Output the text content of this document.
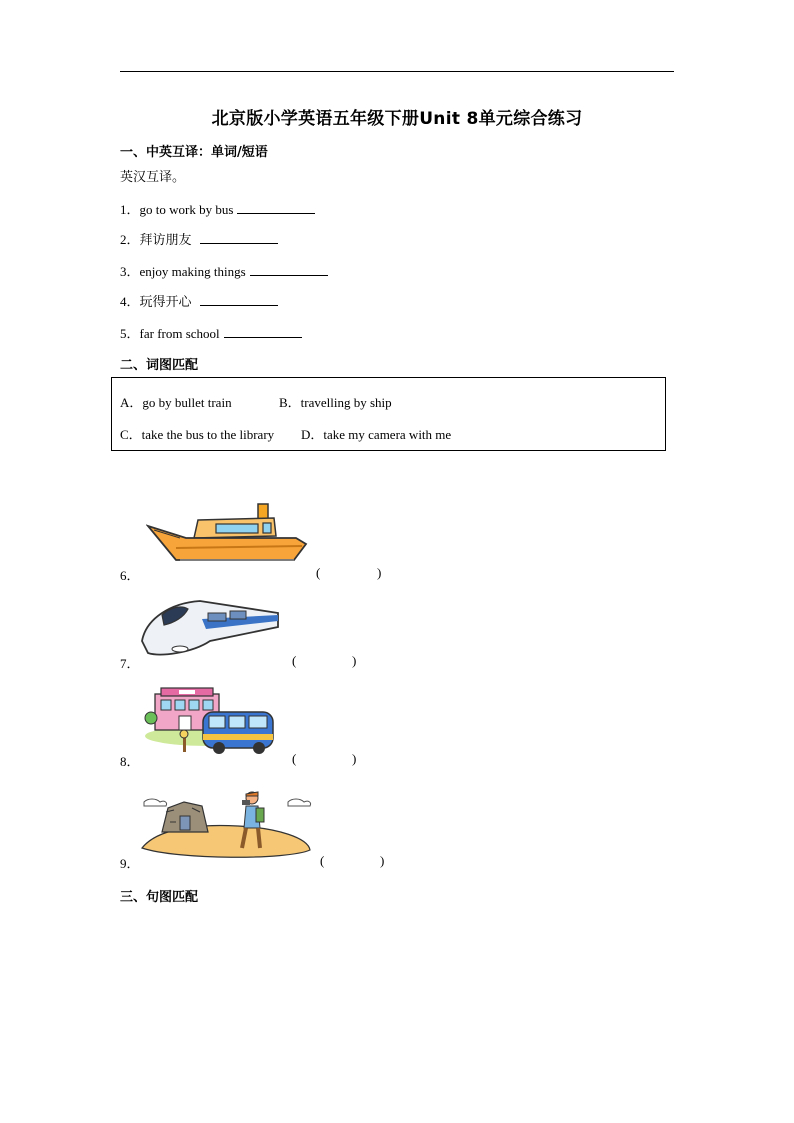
北京版小学英语五年级下册Unit 8单元综合练习
一、中英互译：单词/短语
英汉互译。
1．go to work by bus
2．拜访朋友
3．enjoy making things
4．玩得开心
5．far from school
二、词图匹配
A．go by bullet train	B．travelling by ship
C．take the bus to the library D．take my camera with me
6．	(	)
7．	(	)
8．	(	)
9．	(	)
三、句图匹配
